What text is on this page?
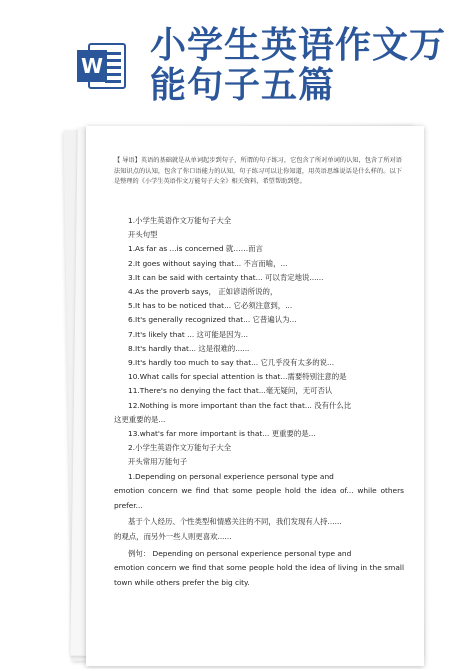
W 小学生英语作文万
能句子五篇
【 导语】英语的基础就是从单词起步到句子，所谓的句子练习，它包含了所对单词的认知，包含了所对语法知识点的认知，包含了你口语能力的认知，句子练习可以让你知道，用英语思维说话是什么样的。以下是整理的《小学生英语作文万能句子大全》相关资料，希望帮助到您。
1.小学生英语作文万能句子大全
开头句型
1.As far as ...is concerned 就……而言
2.It goes without saying that... 不言而喻，...
3.It can be said with certainty that... 可以肯定地说......
4.As the proverb says， 正如谚语所说的，
5.It has to be noticed that... 它必须注意到，...
6.It's generally recognized that... 它普遍认为...
7.It's likely that ... 这可能是因为...
8.It's hardly that... 这是很难的......
9.It's hardly too much to say that... 它几乎没有太多的说...
10.What calls for special attention is that...需要特别注意的是
11.There's no denying the fact that...毫无疑问，无可否认
12.Nothing is more important than the fact that... 没有什么比
这更重要的是...
13.what's far more important is that... 更重要的是...
2.小学生英语作文万能句子大全
开头常用万能句子
1.Depending on personal experience personal type and
emotion concern we find that some people hold the idea of... while others prefer...
基于个人经历、个性类型和情感关注的不同，我们发现有人持......
的观点，而另外一些人则更喜欢......
例句： Depending on personal experience personal type and
emotion concern we find that some people hold the idea of living in the small town while others prefer the big city.
